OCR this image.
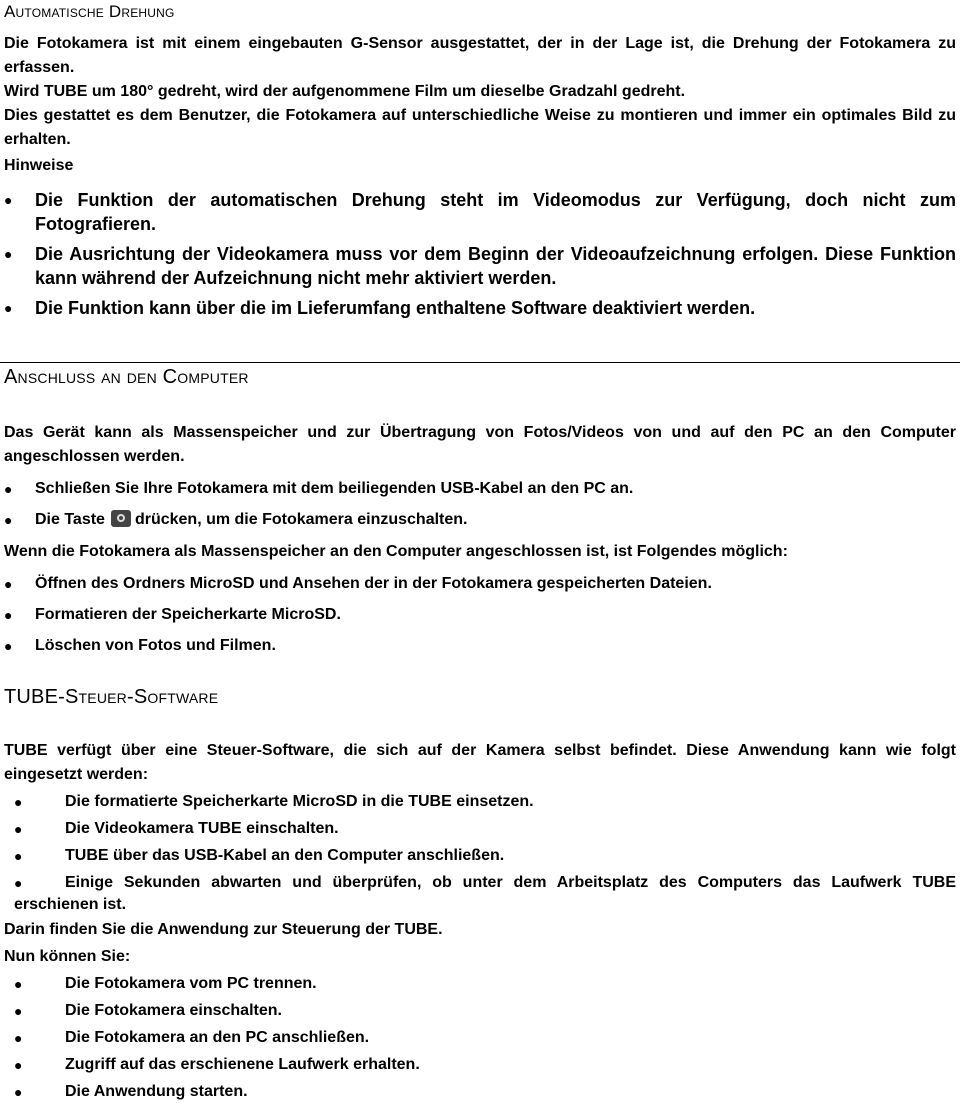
Automatische Drehung

Die Fotokamera ist mit einem eingebauten G-Sensor ausgestattet, der in der Lage ist, die Drehung der Fotokamera zu erfassen.

Wird TUBE um 180° gedreht, wird der aufgenommene Film um dieselbe Gradzahl gedreht.

Dies gestattet es dem Benutzer, die Fotokamera auf unterschiedliche Weise zu montieren und immer ein optimales Bild zu erhalten.

Hinweise

● Die Funktion der automatischen Drehung steht im Videomodus zur Verfügung, doch nicht zum Fotografieren.
● Die Ausrichtung der Videokamera muss vor dem Beginn der Videoaufzeichnung erfolgen. Diese Funktion kann während der Aufzeichnung nicht mehr aktiviert werden.
● Die Funktion kann über die im Lieferumfang enthaltene Software deaktiviert werden.
Anschluss an den Computer

Das Gerät kann als Massenspeicher und zur Übertragung von Fotos/Videos von und auf den PC an den Computer angeschlossen werden.

● Schließen Sie Ihre Fotokamera mit dem beiliegenden USB-Kabel an den PC an.
● Die Taste drücken, um die Fotokamera einzuschalten.

Wenn die Fotokamera als Massenspeicher an den Computer angeschlossen ist, ist Folgendes möglich:

● Öffnen des Ordners MicroSD und Ansehen der in der Fotokamera gespeicherten Dateien.
● Formatieren der Speicherkarte MicroSD.
● Löschen von Fotos und Filmen.
TUBE-Steuer-Software

TUBE verfügt über eine Steuer-Software, die sich auf der Kamera selbst befindet. Diese Anwendung kann wie folgt eingesetzt werden:

●	Die formatierte Speicherkarte MicroSD in die TUBE einsetzen.
●	Die Videokamera TUBE einschalten.
●	TUBE über das USB-Kabel an den Computer anschließen.
●	Einige Sekunden abwarten und überprüfen, ob unter dem Arbeitsplatz des Computers das Laufwerk TUBE erschienen ist.

Darin finden Sie die Anwendung zur Steuerung der TUBE.

Nun können Sie:

●	Die Fotokamera vom PC trennen.
●	Die Fotokamera einschalten.
●	Die Fotokamera an den PC anschließen.
●	Zugriff auf das erschienene Laufwerk erhalten.
●	Die Anwendung starten.
